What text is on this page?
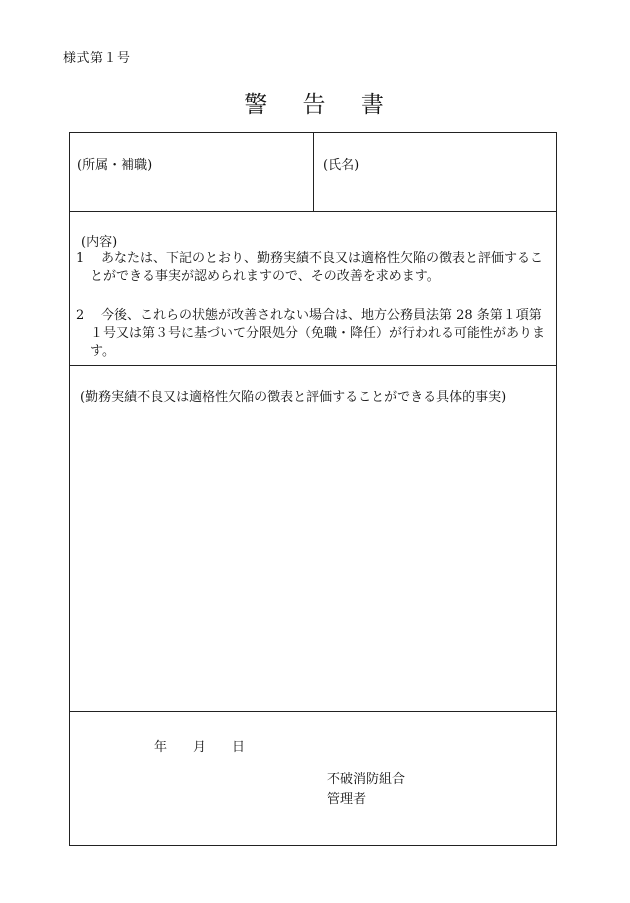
様式第１号
警 告 書
(所属・補職)	(氏名)
(内容)
1	あなたは、下記のとおり、勤務実績不良又は適格性欠陥の徴表と評価することができる事実が認められますので、その改善を求めます。
2	今後、これらの状態が改善されない場合は、地方公務員法第 28 条第１項第１号又は第３号に基づいて分限処分（免職・降任）が行われる可能性があります。
(勤務実績不良又は適格性欠陥の徴表と評価することができる具体的事実)
年 月 日
不破消防組合
管理者
